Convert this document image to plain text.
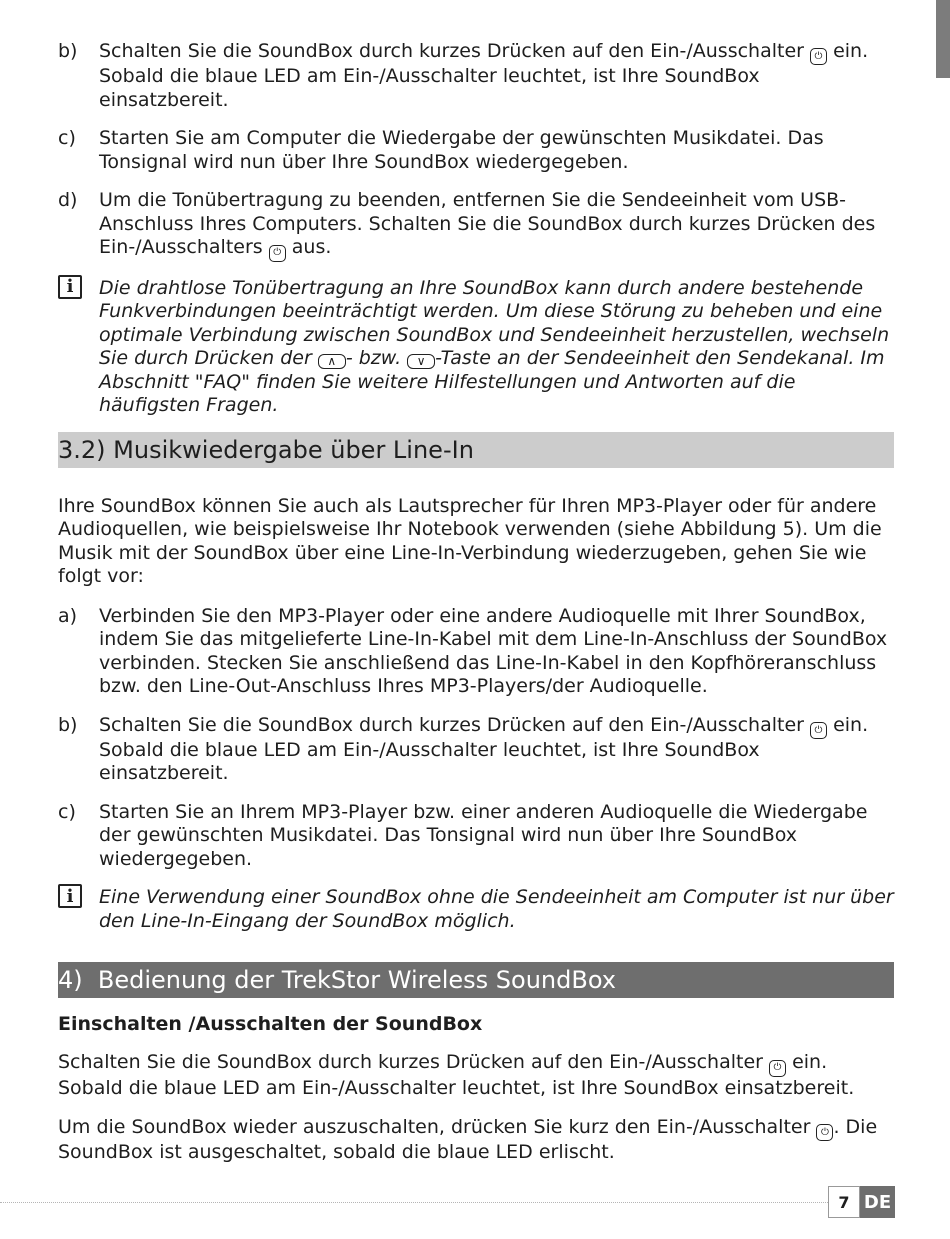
b)	Schalten Sie die SoundBox durch kurzes Drücken auf den Ein-/Ausschalter ⏻ ein. Sobald die blaue LED am Ein-/Ausschalter leuchtet, ist Ihre SoundBox einsatzbereit.
c)	Starten Sie am Computer die Wiedergabe der gewünschten Musikdatei. Das Tonsignal wird nun über Ihre SoundBox wiedergegeben.
d)	Um die Tonübertragung zu beenden, entfernen Sie die Sendeeinheit vom USB-Anschluss Ihres Computers. Schalten Sie die SoundBox durch kurzes Drücken des Ein-/Ausschalters ⏻ aus.
i	Die drahtlose Tonübertragung an Ihre SoundBox kann durch andere bestehende Funkverbindungen beeinträchtigt werden. Um diese Störung zu beheben und eine optimale Verbindung zwischen SoundBox und Sendeeinheit herzustellen, wechseln Sie durch Drücken der ∧ - bzw. ∨ -Taste an der Sendeeinheit den Sendekanal. Im Abschnitt "FAQ" finden Sie weitere Hilfestellungen und Antworten auf die häufigsten Fragen.
3.2) Musikwiedergabe über Line-In
Ihre SoundBox können Sie auch als Lautsprecher für Ihren MP3-Player oder für andere Audioquellen, wie beispielsweise Ihr Notebook verwenden (siehe Abbildung 5). Um die Musik mit der SoundBox über eine Line-In-Verbindung wiederzugeben, gehen Sie wie folgt vor:
a)	Verbinden Sie den MP3-Player oder eine andere Audioquelle mit Ihrer SoundBox, indem Sie das mitgelieferte Line-In-Kabel mit dem Line-In-Anschluss der SoundBox verbinden. Stecken Sie anschließend das Line-In-Kabel in den Kopfhöreranschluss bzw. den Line-Out-Anschluss Ihres MP3-Players/der Audioquelle.
b)	Schalten Sie die SoundBox durch kurzes Drücken auf den Ein-/Ausschalter ⏻ ein. Sobald die blaue LED am Ein-/Ausschalter leuchtet, ist Ihre SoundBox einsatzbereit.
c)	Starten Sie an Ihrem MP3-Player bzw. einer anderen Audioquelle die Wiedergabe der gewünschten Musikdatei. Das Tonsignal wird nun über Ihre SoundBox wiedergegeben.
i	Eine Verwendung einer SoundBox ohne die Sendeeinheit am Computer ist nur über den Line-In-Eingang der SoundBox möglich.
4)  Bedienung der TrekStor Wireless SoundBox
Einschalten /Ausschalten der SoundBox
Schalten Sie die SoundBox durch kurzes Drücken auf den Ein-/Ausschalter ⏻ ein. Sobald die blaue LED am Ein-/Ausschalter leuchtet, ist Ihre SoundBox einsatzbereit.
Um die SoundBox wieder auszuschalten, drücken Sie kurz den Ein-/Ausschalter ⏻ . Die SoundBox ist ausgeschaltet, sobald die blaue LED erlischt.
7 DE
